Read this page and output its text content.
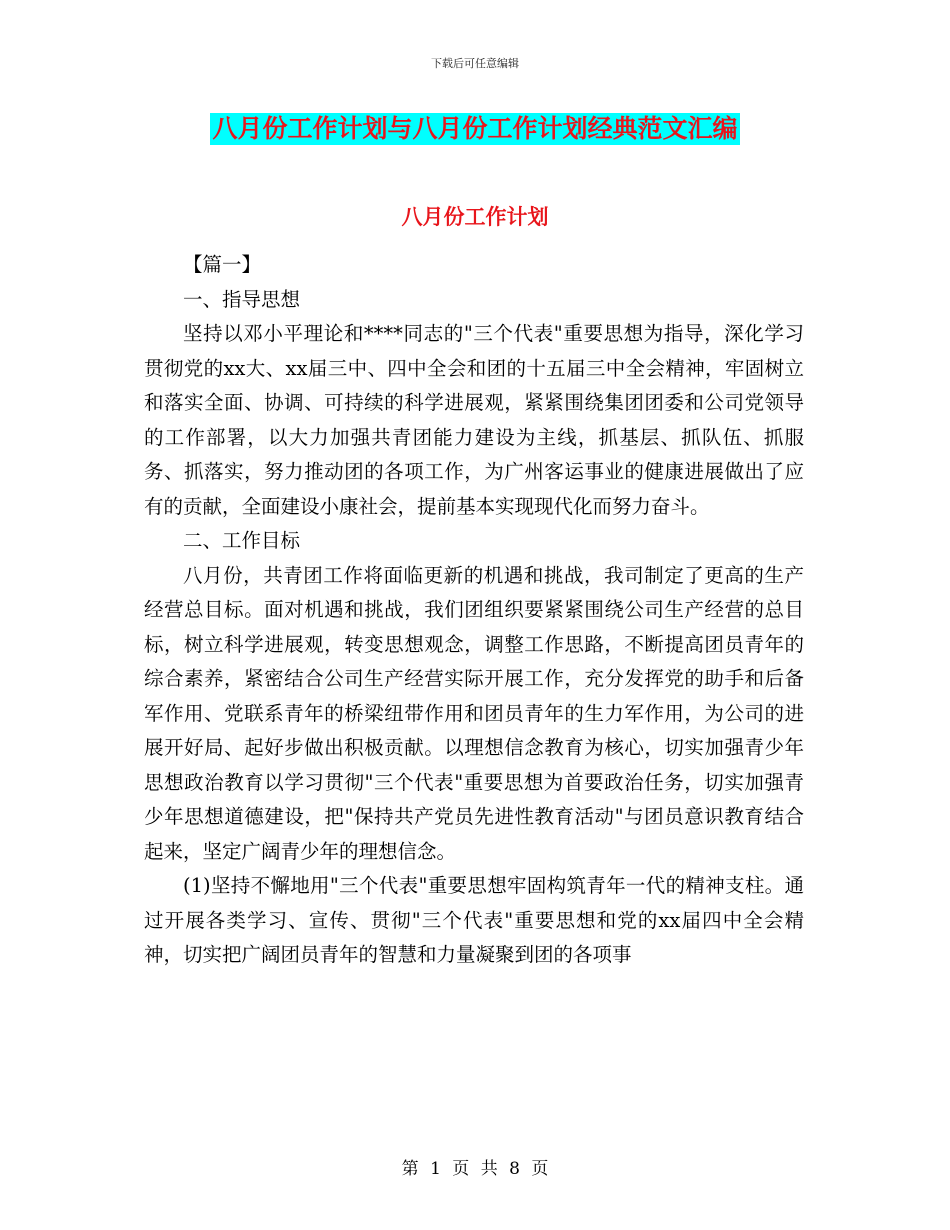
下载后可任意编辑
八月份工作计划与八月份工作计划经典范文汇编
八月份工作计划

【篇一】

一、指导思想

坚持以邓小平理论和****同志的"三个代表"重要思想为指导，深化学习贯彻党的xx大、xx届三中、四中全会和团的十五届三中全会精神，牢固树立和落实全面、协调、可持续的科学进展观，紧紧围绕集团团委和公司党领导的工作部署，以大力加强共青团能力建设为主线，抓基层、抓队伍、抓服务、抓落实，努力推动团的各项工作，为广州客运事业的健康进展做出了应有的贡献，全面建设小康社会，提前基本实现现代化而努力奋斗。

二、工作目标

八月份，共青团工作将面临更新的机遇和挑战，我司制定了更高的生产经营总目标。面对机遇和挑战，我们团组织要紧紧围绕公司生产经营的总目标，树立科学进展观，转变思想观念，调整工作思路，不断提高团员青年的综合素养，紧密结合公司生产经营实际开展工作，充分发挥党的助手和后备军作用、党联系青年的桥梁纽带作用和团员青年的生力军作用，为公司的进展开好局、起好步做出积极贡献。以理想信念教育为核心，切实加强青少年思想政治教育以学习贯彻"三个代表"重要思想为首要政治任务，切实加强青少年思想道德建设，把"保持共产党员先进性教育活动"与团员意识教育结合起来，坚定广阔青少年的理想信念。

(1)坚持不懈地用"三个代表"重要思想牢固构筑青年一代的精神支柱。通过开展各类学习、宣传、贯彻"三个代表"重要思想和党的xx届四中全会精神，切实把广阔团员青年的智慧和力量凝聚到团的各项事

第 1 页 共 8 页
